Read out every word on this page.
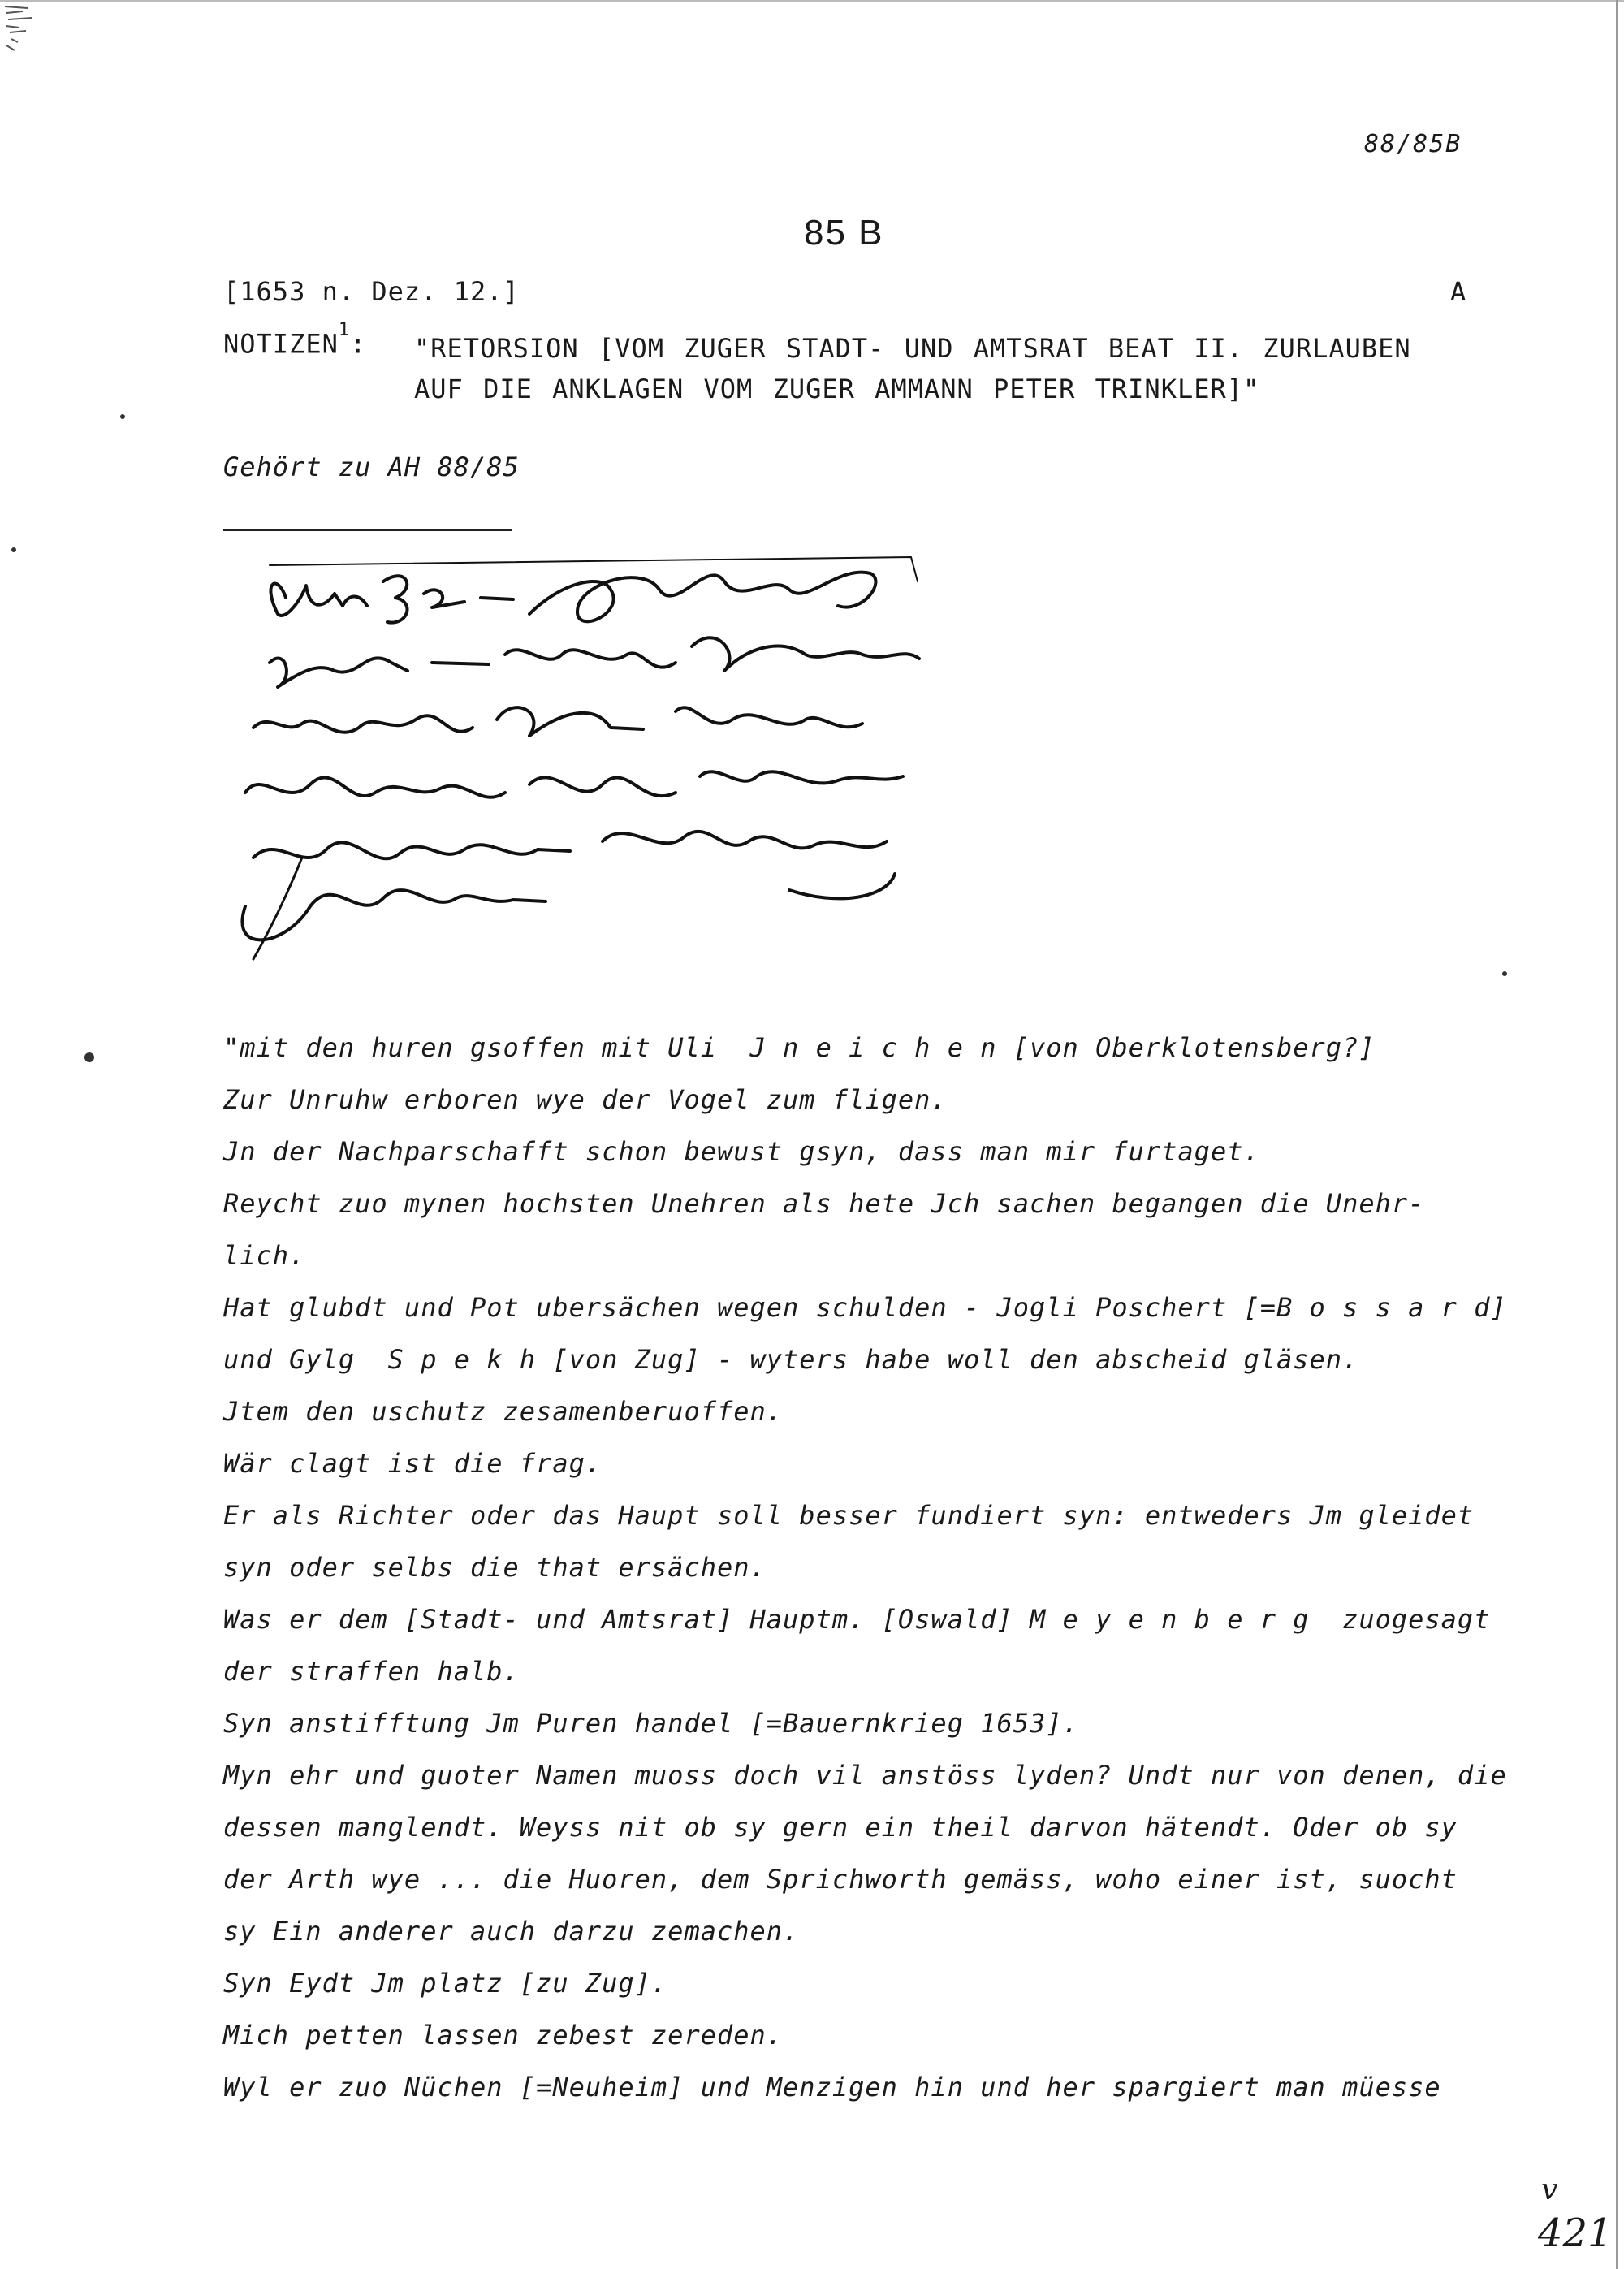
88/85B
85 B
[1653 n. Dez. 12.]	A
NOTIZEN$^1$: "RETORSION [VOM ZUGER STADT- UND AMTSRAT BEAT II. ZURLAUBEN AUF DIE ANKLAGEN VOM ZUGER AMMANN PETER TRINKLER]"
Gehört zu AH 88/85
"mit den huren gsoffen mit Uli  J n e i c h e n [von Oberklotensberg?]
Zur Unruhw erboren wye der Vogel zum fligen.
Jn der Nachparschafft schon bewust gsyn, dass man mir furtaget.
Reycht zuo mynen hochsten Unehren als hete Jch sachen begangen die Unehr-
lich.
Hat glubdt und Pot ubersächen wegen schulden - Jogli Poschert [=B o s s a r d]
und Gylg  S p e k h [von Zug] - wyters habe woll den abscheid gläsen.
Jtem den uschutz zesamenberuoffen.
Wär clagt ist die frag.
Er als Richter oder das Haupt soll besser fundiert syn: entweders Jm gleidet
syn oder selbs die that ersächen.
Was er dem [Stadt- und Amtsrat] Hauptm. [Oswald] M e y e n b e r g  zuogesagt
der straffen halb.
Syn anstifftung Jm Puren handel [=Bauernkrieg 1653].
Myn ehr und guoter Namen muoss doch vil anstöss lyden? Undt nur von denen, die
dessen manglendt. Weyss nit ob sy gern ein theil darvon hätendt. Oder ob sy
der Arth wye ... die Huoren, dem Sprichworth gemäss, woho einer ist, suocht
sy Ein anderer auch darzu zemachen.
Syn Eydt Jm platz [zu Zug].
Mich petten lassen zebest zereden.
Wyl er zuo Nüchen [=Neuheim] und Menzigen hin und her spargiert man müesse
v
421
